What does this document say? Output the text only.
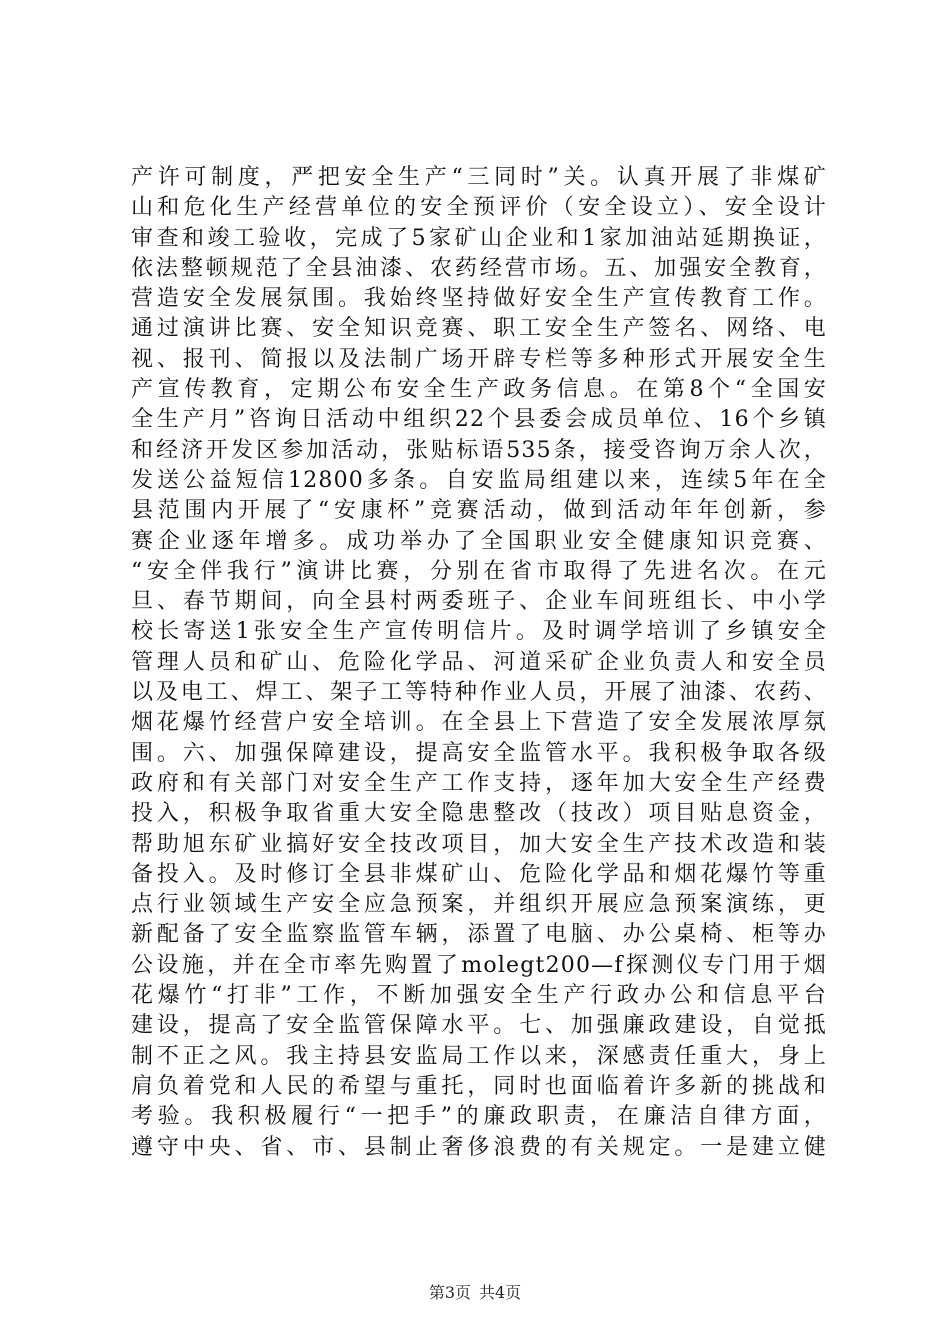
产许可制度，严把安全生产“三同时”关。认真开展了非煤矿
山和危化生产经营单位的安全预评价（安全设立）、安全设计
审查和竣工验收，完成了5家矿山企业和1家加油站延期换证，
依法整顿规范了全县油漆、农药经营市场。五、加强安全教育，
营造安全发展氛围。我始终坚持做好安全生产宣传教育工作。
通过演讲比赛、安全知识竞赛、职工安全生产签名、网络、电
视、报刊、简报以及法制广场开辟专栏等多种形式开展安全生
产宣传教育，定期公布安全生产政务信息。在第8个“全国安
全生产月”咨询日活动中组织22个县委会成员单位、16个乡镇
和经济开发区参加活动，张贴标语535条，接受咨询万余人次，
发送公益短信12800多条。自安监局组建以来，连续5年在全
县范围内开展了“安康杯”竞赛活动，做到活动年年创新，参
赛企业逐年增多。成功举办了全国职业安全健康知识竞赛、
“安全伴我行”演讲比赛，分别在省市取得了先进名次。在元
旦、春节期间，向全县村两委班子、企业车间班组长、中小学
校长寄送1张安全生产宣传明信片。及时调学培训了乡镇安全
管理人员和矿山、危险化学品、河道采矿企业负责人和安全员
以及电工、焊工、架子工等特种作业人员，开展了油漆、农药、
烟花爆竹经营户安全培训。在全县上下营造了安全发展浓厚氛
围。六、加强保障建设，提高安全监管水平。我积极争取各级
政府和有关部门对安全生产工作支持，逐年加大安全生产经费
投入，积极争取省重大安全隐患整改（技改）项目贴息资金，
帮助旭东矿业搞好安全技改项目，加大安全生产技术改造和装
备投入。及时修订全县非煤矿山、危险化学品和烟花爆竹等重
点行业领域生产安全应急预案，并组织开展应急预案演练，更
新配备了安全监察监管车辆，添置了电脑、办公桌椅、柜等办
公设施，并在全市率先购置了molegt200—f探测仪专门用于烟
花爆竹“打非”工作，不断加强安全生产行政办公和信息平台
建设，提高了安全监管保障水平。七、加强廉政建设，自觉抵
制不正之风。我主持县安监局工作以来，深感责任重大，身上
肩负着党和人民的希望与重托，同时也面临着许多新的挑战和
考验。我积极履行“一把手”的廉政职责，在廉洁自律方面，
遵守中央、省、市、县制止奢侈浪费的有关规定。一是建立健
第3页 共4页
